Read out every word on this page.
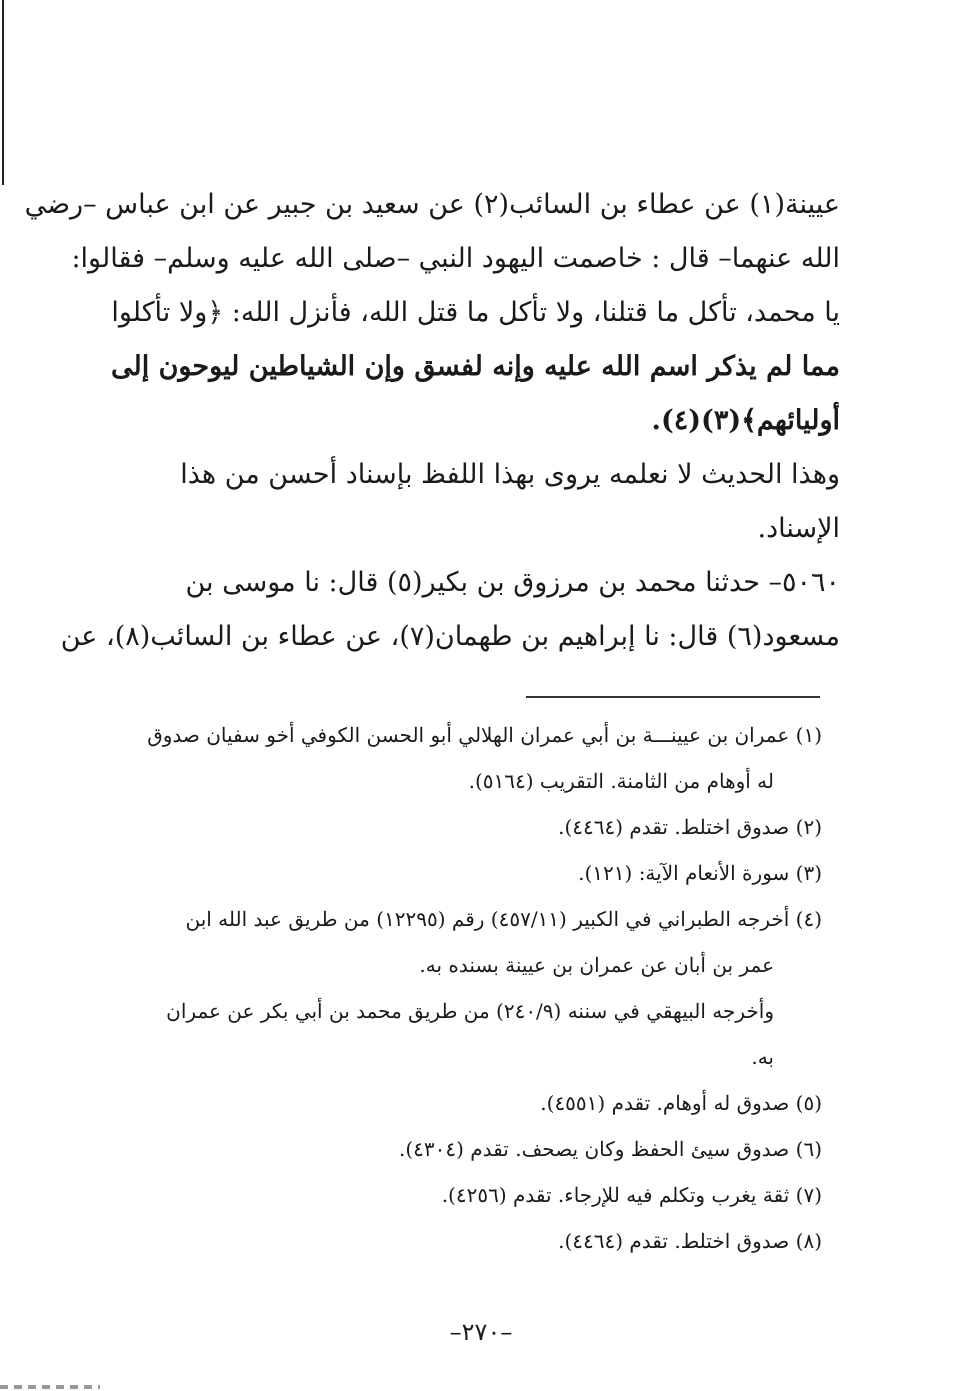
عيينة(١) عن عطاء بن السائب(٢) عن سعيد بن جبير عن ابن عباس –رضي
الله عنهما– قال : خاصمت اليهود النبي –صلى الله عليه وسلم– فقالوا:
يا محمد، تأكل ما قتلنا، ولا تأكل ما قتل الله، فأنزل الله: ﴿ولا تأكلوا
مما لم يذكر اسم الله عليه وإنه لفسق وإن الشياطين ليوحون إلى
أوليائهم﴾(٣)(٤).
وهذا الحديث لا نعلمه يروى بهذا اللفظ بإسناد أحسن من هذا
الإسناد.
٥٠٦٠– حدثنا محمد بن مرزوق بن بكير(٥) قال: نا موسى بن
مسعود(٦) قال: نا إبراهيم بن طهمان(٧)، عن عطاء بن السائب(٨)، عن
(١) عمران بن عيينـــة بن أبي عمران الهلالي أبو الحسن الكوفي أخو سفيان صدوق
له أوهام من الثامنة. التقريب (٥١٦٤).
(٢) صدوق اختلط. تقدم (٤٤٦٤).
(٣) سورة الأنعام الآية: (١٢١).
(٤) أخرجه الطبراني في الكبير (٤٥٧/١١) رقم (١٢٢٩٥) من طريق عبد الله ابن
عمر بن أبان عن عمران بن عيينة بسنده به.
وأخرجه البيهقي في سننه (٢٤٠/٩) من طريق محمد بن أبي بكر عن عمران
به.
(٥) صدوق له أوهام. تقدم (٤٥٥١).
(٦) صدوق سيئ الحفظ وكان يصحف. تقدم (٤٣٠٤).
(٧) ثقة يغرب وتكلم فيه للإرجاء. تقدم (٤٢٥٦).
(٨) صدوق اختلط. تقدم (٤٤٦٤).
–٢٧٠–
